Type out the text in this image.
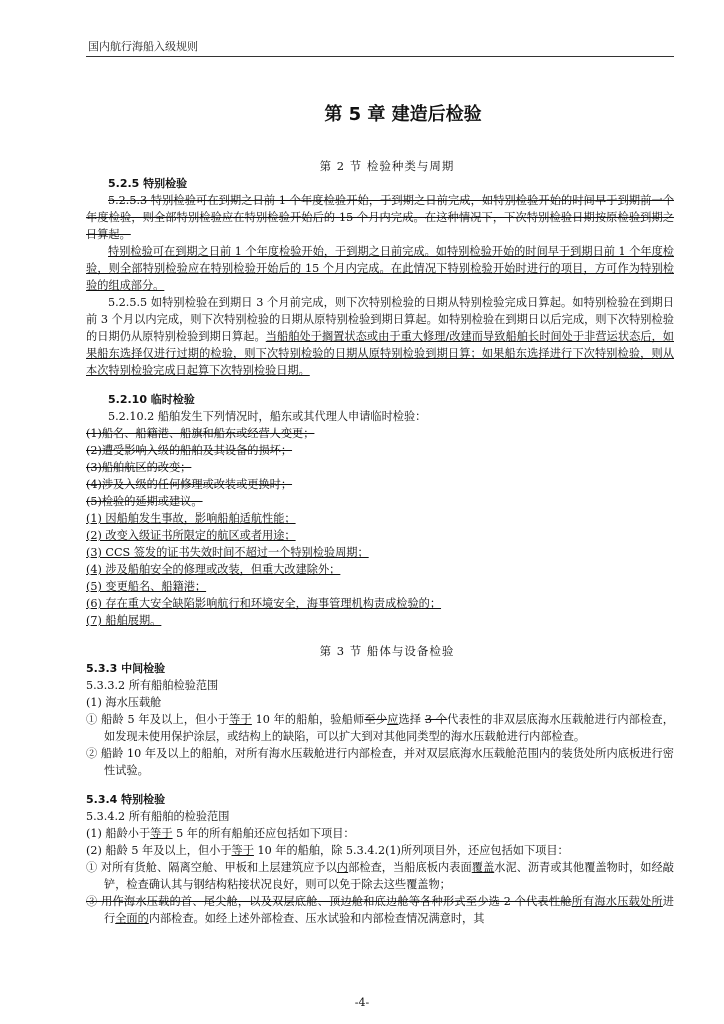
国内航行海船入级规则
第 5 章 建造后检验
第 2 节 检验种类与周期

5.2.5 特别检验

5.2.5.3 特别检验可在到期之日前 1 个年度检验开始，于到期之日前完成，如特别检验开始的时间早于到期前一个年度检验，则全部特别检验应在特别检验开始后的 15 个月内完成。在这种情况下，下次特别检验日期按原检验到期之日算起。

特别检验可在到期之日前 1 个年度检验开始，于到期之日前完成。如特别检验开始的时间早于到期日前 1 个年度检验，则全部特别检验应在特别检验开始后的 15 个月内完成。在此情况下特别检验开始时进行的项目，方可作为特别检验的组成部分。

5.2.5.5 如特别检验在到期日 3 个月前完成，则下次特别检验的日期从特别检验完成日算起。如特别检验在到期日前 3 个月以内完成，则下次特别检验的日期从原特别检验到期日算起。如特别检验在到期日以后完成，则下次特别检验的日期仍从原特别检验到期日算起。当船舶处于搁置状态或由于重大修理/改建而导致船舶长时间处于非营运状态后，如果船东选择仅进行过期的检验，则下次特别检验的日期从原特别检验到期日算；如果船东选择进行下次特别检验，则从本次特别检验完成日起算下次特别检验日期。

5.2.10 临时检验

5.2.10.2 船舶发生下列情况时，船东或其代理人申请临时检验：

(1)船名、船籍港、船旗和船东或经营人变更；

(2)遭受影响入级的船舶及其设备的损坏；

(3)船舶航区的改变；

(4)涉及入级的任何修理或改装或更换时；

(5)检验的延期或建议。

(1) 因船舶发生事故，影响船舶适航性能；

(2) 改变入级证书所限定的航区或者用途；

(3) CCS 签发的证书失效时间不超过一个特别检验周期；

(4) 涉及船舶安全的修理或改装，但重大改建除外；

(5) 变更船名、船籍港；

(6) 存在重大安全缺陷影响航行和环境安全，海事管理机构责成检验的；

(7) 船舶展期。

第 3 节 船体与设备检验

5.3.3 中间检验

5.3.3.2 所有船舶检验范围

(1) 海水压载舱

① 船龄 5 年及以上，但小于等于 10 年的船舶，验船师至少应选择 3 个代表性的非双层底海水压载舱进行内部检查，如发现未使用保护涂层，或结构上的缺陷，可以扩大到对其他同类型的海水压载舱进行内部检查。

② 船龄 10 年及以上的船舶，对所有海水压载舱进行内部检查，并对双层底海水压载舱范围内的装货处所内底板进行密性试验。

5.3.4 特别检验

5.3.4.2 所有船舶的检验范围

(1) 船龄小于等于 5 年的所有船舶还应包括如下项目：

(2) 船龄 5 年及以上，但小于等于 10 年的船舶，除 5.3.4.2(1)所列项目外，还应包括如下项目：

① 对所有货舱、隔离空舱、甲板和上层建筑应予以内部检查，当船底板内表面覆盖水泥、沥青或其他覆盖物时，如经敲铲，检查确认其与钢结构粘接状况良好，则可以免于除去这些覆盖物；

③ 用作海水压载的首、尾尖舱，以及双层底舱、顶边舱和底边舱等各种形式至少选 2 个代表性舱所有海水压载处所进行全面的内部检查。如经上述外部检查、压水试验和内部检查情况满意时，其

-4-
